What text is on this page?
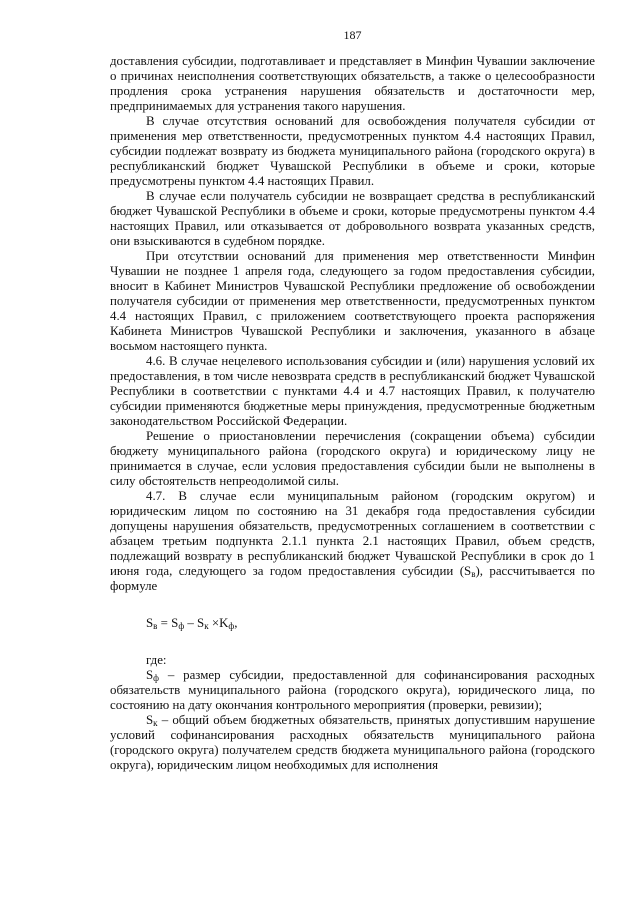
187

доставления субсидии, подготавливает и представляет в Минфин Чувашии заключение о причинах неисполнения соответствующих обязательств, а также о целесообразности продления срока устранения нарушения обязательств и достаточности мер, предпринимаемых для устранения такого нарушения.

В случае отсутствия оснований для освобождения получателя субсидии от применения мер ответственности, предусмотренных пунктом 4.4 настоящих Правил, субсидии подлежат возврату из бюджета муниципального района (городского округа) в республиканский бюджет Чувашской Республики в объеме и сроки, которые предусмотрены пунктом 4.4 настоящих Правил.

В случае если получатель субсидии не возвращает средства в республиканский бюджет Чувашской Республики в объеме и сроки, которые предусмотрены пунктом 4.4 настоящих Правил, или отказывается от добровольного возврата указанных средств, они взыскиваются в судебном порядке.

При отсутствии оснований для применения мер ответственности Минфин Чувашии не позднее 1 апреля года, следующего за годом предоставления субсидии, вносит в Кабинет Министров Чувашской Республики предложение об освобождении получателя субсидии от применения мер ответственности, предусмотренных пунктом 4.4 настоящих Правил, с приложением соответствующего проекта распоряжения Кабинета Министров Чувашской Республики и заключения, указанного в абзаце восьмом настоящего пункта.

4.6. В случае нецелевого использования субсидии и (или) нарушения условий их предоставления, в том числе невозврата средств в республиканский бюджет Чувашской Республики в соответствии с пунктами 4.4 и 4.7 настоящих Правил, к получателю субсидии применяются бюджетные меры принуждения, предусмотренные бюджетным законодательством Российской Федерации.

Решение о приостановлении перечисления (сокращении объема) субсидии бюджету муниципального района (городского округа) и юридическому лицу не принимается в случае, если условия предоставления субсидии были не выполнены в силу обстоятельств непреодолимой силы.

4.7. В случае если муниципальным районом (городским округом) и юридическим лицом по состоянию на 31 декабря года предоставления субсидии допущены нарушения обязательств, предусмотренных соглашением в соответствии с абзацем третьим подпункта 2.1.1 пункта 2.1 настоящих Правил, объем средств, подлежащий возврату в республиканский бюджет Чувашской Республики в срок до 1 июня года, следующего за годом предоставления субсидии $(S_в)$, рассчитывается по формуле

$S_в = S_ф - S_к \times K_ф$,

где:

$S_ф$ – размер субсидии, предоставленной для софинансирования расходных обязательств муниципального района (городского округа), юридического лица, по состоянию на дату окончания контрольного мероприятия (проверки, ревизии);

$S_к$ – общий объем бюджетных обязательств, принятых допустившим нарушение условий софинансирования расходных обязательств муниципального района (городского округа) получателем средств бюджета муниципального района (городского округа), юридическим лицом необходимых для исполнения
